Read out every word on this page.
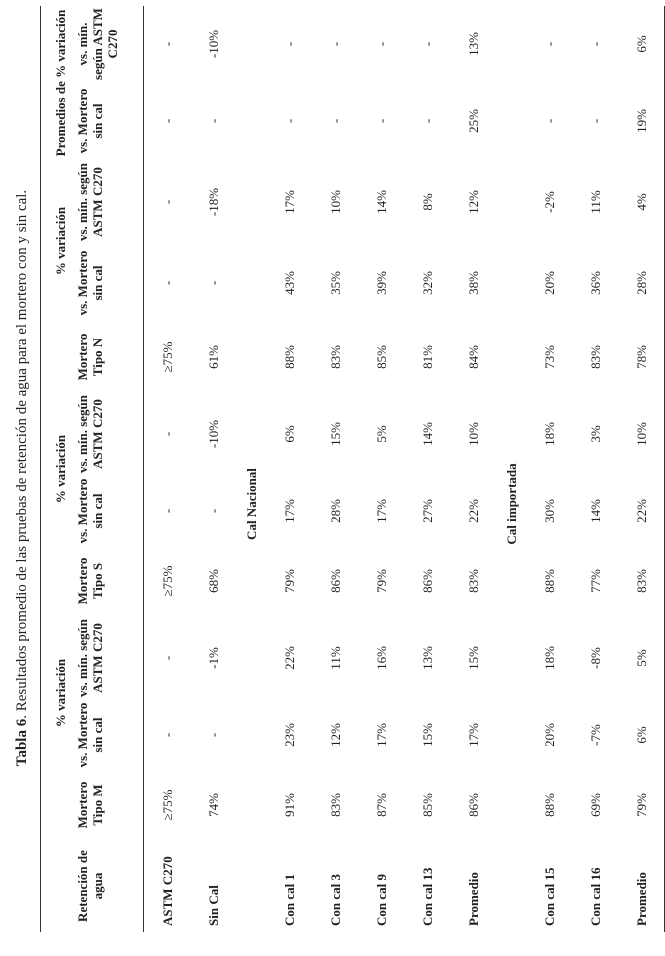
Tabla 6. Resultados promedio de las pruebas de retención de agua para el mortero con y sin cal.
		% variación			% variación			% variación		Promedios de % variación	
Retención de agua	Mortero Tipo M	vs. Mortero sin cal	vs. mín. según ASTM C270	Mortero Tipo S	vs. Mortero sin cal	vs. mín. según ASTM C270	Mortero Tipo N	vs. Mortero sin cal	vs. mín. según ASTM C270	vs. Mortero sin cal	vs. mín. según ASTM C270
ASTM C270	≥75%	-	-	≥75%	-	-	≥75%	-	-	-	-
Sin Cal	74%	-	-1%	68%	-	-10%	61%	-	-18%	-	-10%
				Cal Nacional							
Con cal 1	91%	23%	22%	79%	17%	6%	88%	43%	17%	-	-
Con cal 3	83%	12%	11%	86%	28%	15%	83%	35%	10%	-	-
Con cal 9	87%	17%	16%	79%	17%	5%	85%	39%	14%	-	-
Con cal 13	85%	15%	13%	86%	27%	14%	81%	32%	8%	-	-
Promedio	86%	17%	15%	83%	22%	10%	84%	38%	12%	25%	13%
				Cal importada							
Con cal 15	88%	20%	18%	88%	30%	18%	73%	20%	-2%	-	-
Con cal 16	69%	-7%	-8%	77%	14%	3%	83%	36%	11%	-	-
Promedio	79%	6%	5%	83%	22%	10%	78%	28%	4%	19%	6%
